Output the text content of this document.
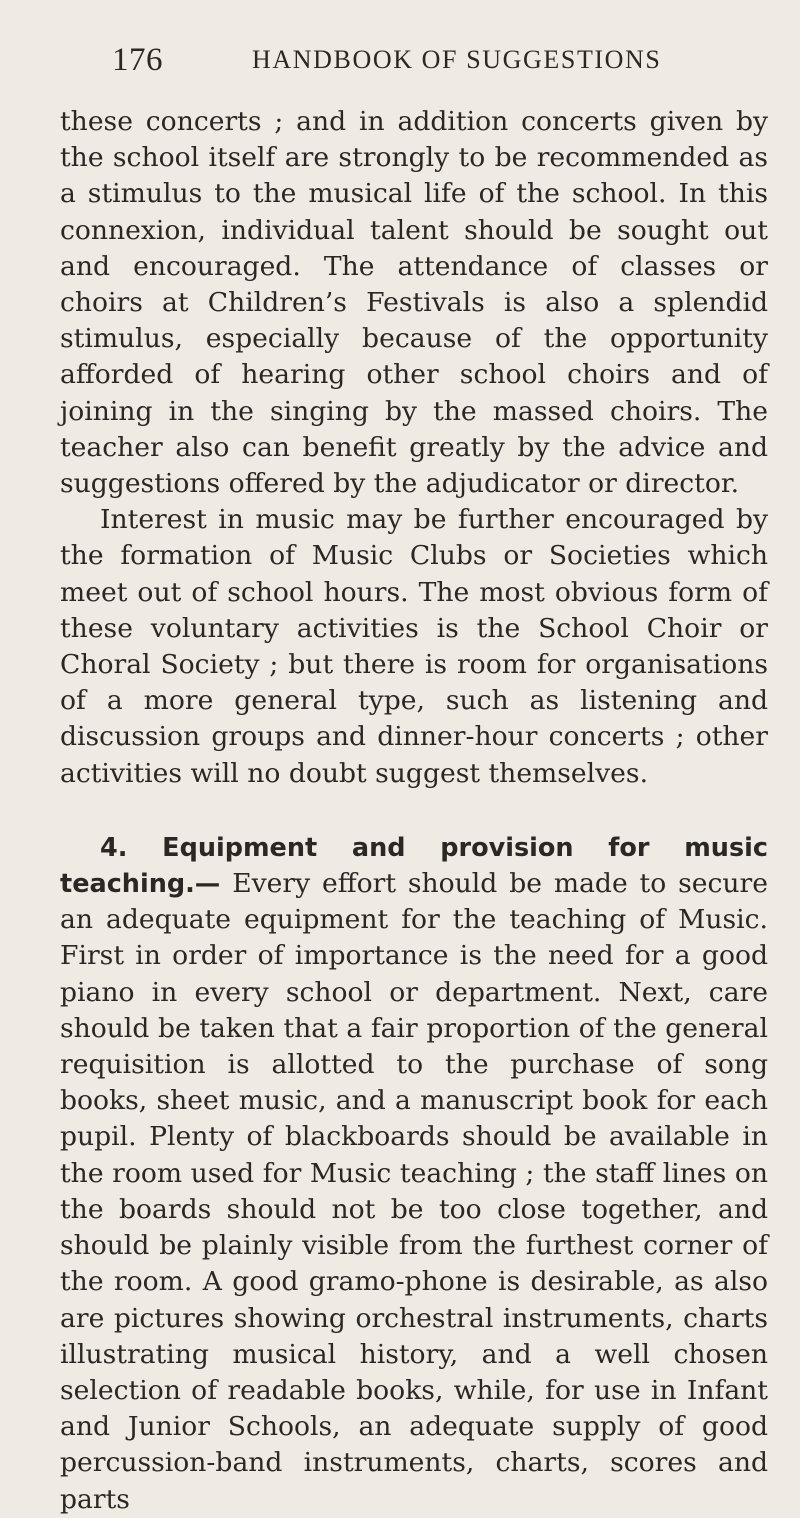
176	HANDBOOK OF SUGGESTIONS

these concerts ; and in addition concerts given by the school itself are strongly to be recommended as a stimulus to the musical life of the school. In this connexion, individual talent should be sought out and encouraged. The attendance of classes or choirs at Children’s Festivals is also a splendid stimulus, especially because of the opportunity afforded of hearing other school choirs and of joining in the singing by the massed choirs. The teacher also can benefit greatly by the advice and suggestions offered by the adjudicator or director.

Interest in music may be further encouraged by the formation of Music Clubs or Societies which meet out of school hours. The most obvious form of these voluntary activities is the School Choir or Choral Society ; but there is room for organisations of a more general type, such as listening and discussion groups and dinner-hour concerts ; other activities will no doubt suggest themselves.

4. Equipment and provision for music teaching.— Every effort should be made to secure an adequate equipment for the teaching of Music. First in order of importance is the need for a good piano in every school or department. Next, care should be taken that a fair proportion of the general requisition is allotted to the purchase of song books, sheet music, and a manuscript book for each pupil. Plenty of blackboards should be available in the room used for Music teaching ; the staff lines on the boards should not be too close together, and should be plainly visible from the furthest corner of the room. A good gramo-phone is desirable, as also are pictures showing orchestral instruments, charts illustrating musical history, and a well chosen selection of readable books, while, for use in Infant and Junior Schools, an adequate supply of good percussion-band instruments, charts, scores and parts
